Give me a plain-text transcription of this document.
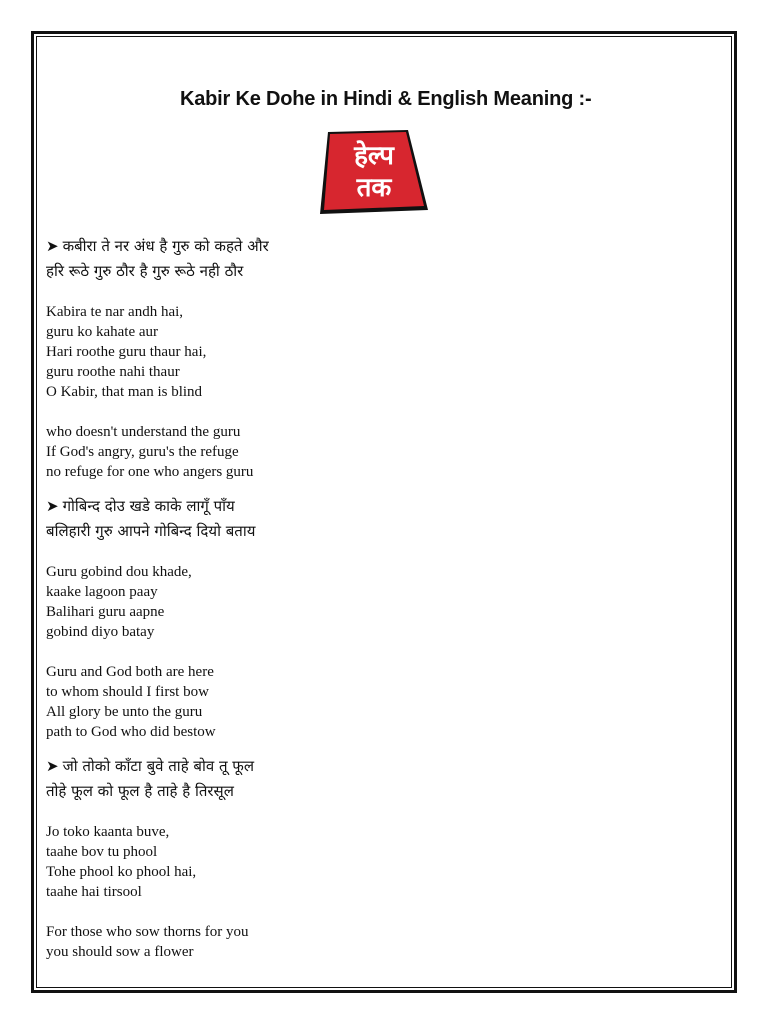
Kabir Ke Dohe in Hindi & English Meaning :-
हेल्प
तक

➤ कबीरा ते नर अंध है गुरु को कहते और

हरि रूठे गुरु ठौर है गुरु रूठे नही ठौर

Kabira te nar andh hai,

guru ko kahate aur

Hari roothe guru thaur hai,

guru roothe nahi thaur

O Kabir, that man is blind

who doesn't understand the guru

If God's angry, guru's the refuge

no refuge for one who angers guru

➤ गोबिन्द दोउ खडे काके लागूँ पाँय

बलिहारी गुरु आपने गोबिन्द दियो बताय

Guru gobind dou khade,

kaake lagoon paay

Balihari guru aapne

gobind diyo batay

Guru and God both are here

to whom should I first bow

All glory be unto the guru

path to God who did bestow

➤ जो तोको काँटा बुवे ताहे बोव तू फूल

तोहे फूल को फूल है ताहे है तिरसूल

Jo toko kaanta buve,

taahe bov tu phool

Tohe phool ko phool hai,

taahe hai tirsool

For those who sow thorns for you

you should sow a flower
